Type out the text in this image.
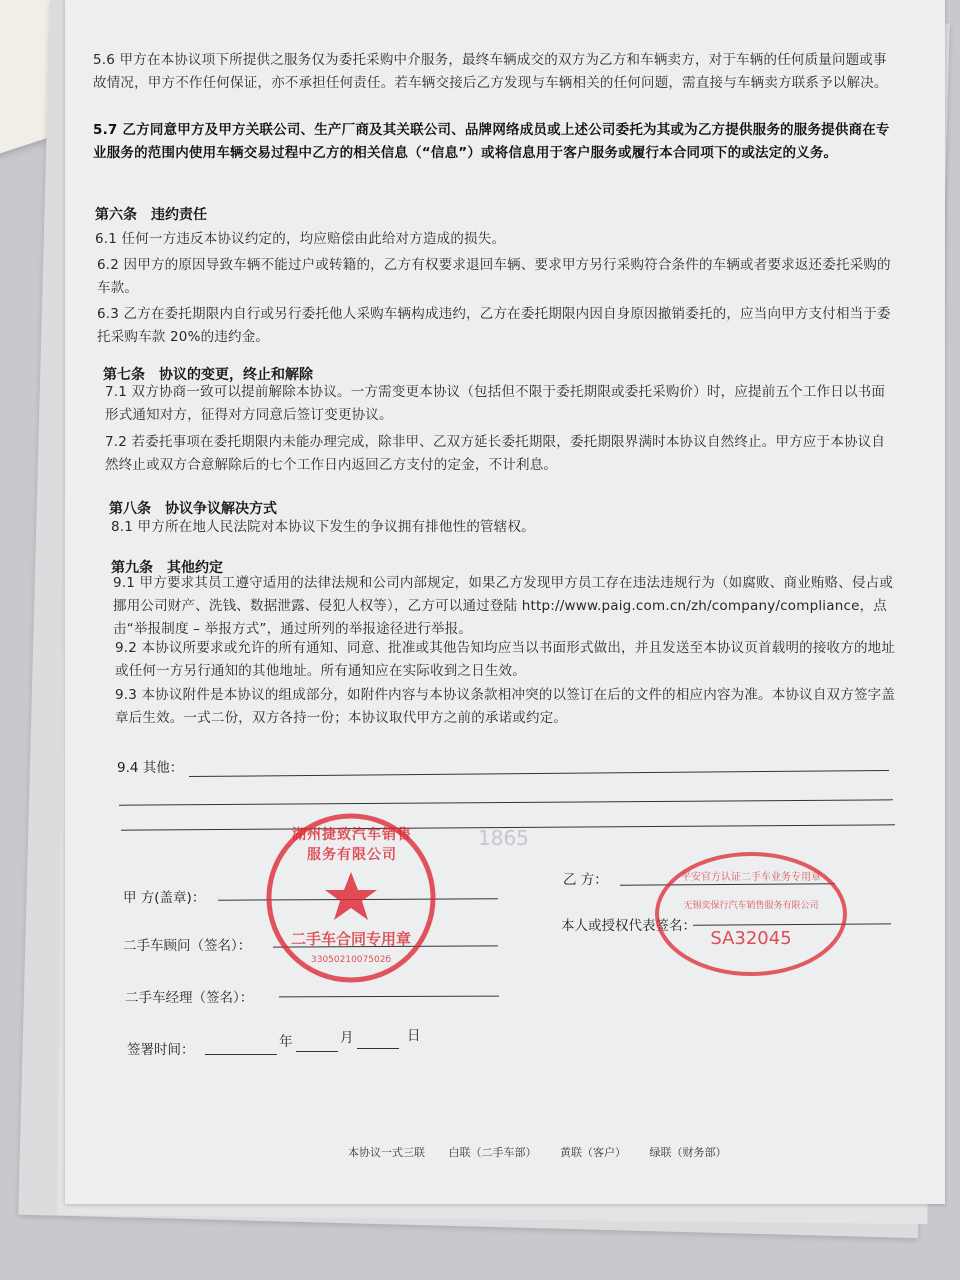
5.6 甲方在本协议项下所提供之服务仅为委托采购中介服务，最终车辆成交的双方为乙方和车辆卖方，对于车辆的任何质量问题或事故情况，甲方不作任何保证，亦不承担任何责任。若车辆交接后乙方发现与车辆相关的任何问题，需直接与车辆卖方联系予以解决。
5.7 乙方同意甲方及甲方关联公司、生产厂商及其关联公司、品牌网络成员或上述公司委托为其或为乙方提供服务的服务提供商在专业服务的范围内使用车辆交易过程中乙方的相关信息（“信息”）或将信息用于客户服务或履行本合同项下的或法定的义务。
第六条　违约责任
6.1 任何一方违反本协议约定的，均应赔偿由此给对方造成的损失。
6.2 因甲方的原因导致车辆不能过户或转籍的，乙方有权要求退回车辆、要求甲方另行采购符合条件的车辆或者要求返还委托采购的车款。
6.3 乙方在委托期限内自行或另行委托他人采购车辆构成违约，乙方在委托期限内因自身原因撤销委托的，应当向甲方支付相当于委托采购车款 20%的违约金。
第七条　协议的变更，终止和解除
7.1 双方协商一致可以提前解除本协议。一方需变更本协议（包括但不限于委托期限或委托采购价）时，应提前五个工作日以书面形式通知对方，征得对方同意后签订变更协议。
7.2 若委托事项在委托期限内未能办理完成，除非甲、乙双方延长委托期限，委托期限界满时本协议自然终止。甲方应于本协议自然终止或双方合意解除后的七个工作日内返回乙方支付的定金，不计利息。
第八条　协议争议解决方式
8.1 甲方所在地人民法院对本协议下发生的争议拥有排他性的管辖权。
第九条　其他约定
9.1 甲方要求其员工遵守适用的法律法规和公司内部规定，如果乙方发现甲方员工存在违法违规行为（如腐败、商业贿赂、侵占或挪用公司财产、洗钱、数据泄露、侵犯人权等），乙方可以通过登陆 http://www.paig.com.cn/zh/company/compliance，点击“举报制度 – 举报方式”，通过所列的举报途径进行举报。
9.2 本协议所要求或允许的所有通知、同意、批准或其他告知均应当以书面形式做出，并且发送至本协议页首载明的接收方的地址或任何一方另行通知的其他地址。所有通知应在实际收到之日生效。
9.3 本协议附件是本协议的组成部分，如附件内容与本协议条款相冲突的以签订在后的文件的相应内容为准。本协议自双方签字盖章后生效。一式二份，双方各持一份；本协议取代甲方之前的承诺或约定。
9.4 其他：
1865
甲 方(盖章)：
二手车顾问（签名）：
二手车经理（签名）：
签署时间：	年	月	日
乙 方：
本人或授权代表签名：
湖州捷致汽车销售服务有限公司
二手车合同专用章
3305021007502б
平安官方认证二手车业务专用章
无锡奕保行汽车销售服务有限公司
SA32045
本协议一式三联 白联（二手车部） 黄联（客户） 绿联（财务部）
